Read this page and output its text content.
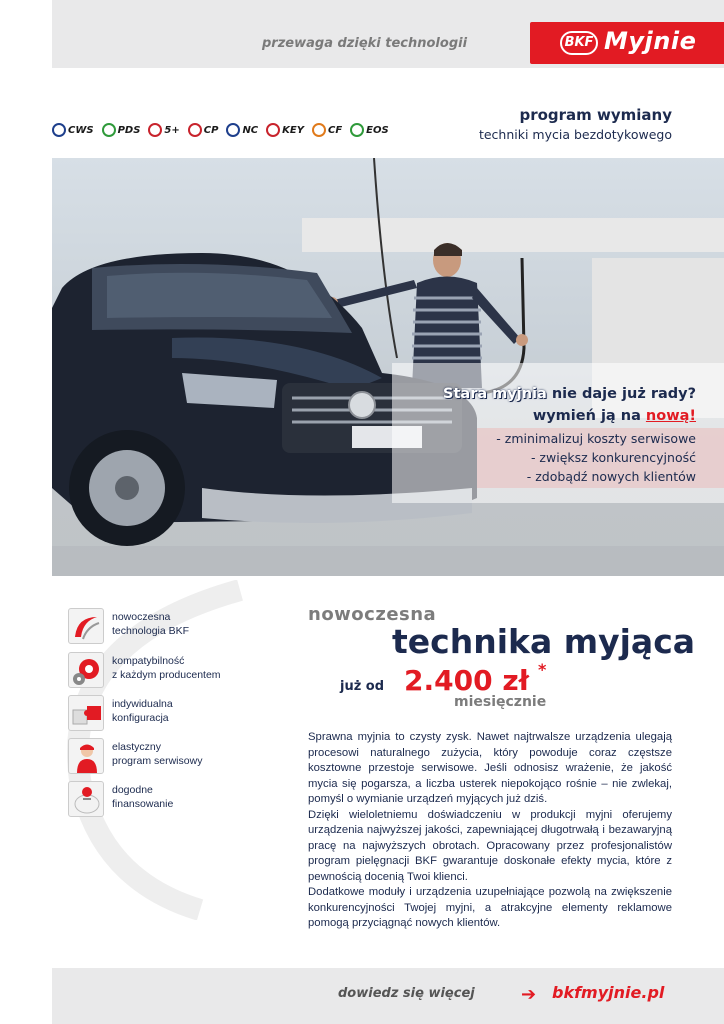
przewaga dzięki technologii	BKF Myjnie
program wymiany
techniki mycia bezdotykowego
CWS PDS 5+ CP NC KEY CF EOS
Stara myjnia nie daje już rady?
wymień ją na nową!
- zminimalizuj koszty serwisowe
- zwiększ konkurencyjność
- zdobądź nowych klientów
nowoczesna
technologia BKF
kompatybilność
z każdym producentem
indywidualna
konfiguracja
elastyczny
program serwisowy
dogodne
finansowanie
nowoczesna
technika myjąca
już od 2.400 zł *
miesięcznie

Sprawna myjnia to czysty zysk. Nawet najtrwalsze urządzenia ulegają procesowi naturalnego zużycia, który powoduje coraz częstsze kosztowne przestoje serwisowe. Jeśli odnosisz wrażenie, że jakość mycia się pogarsza, a liczba usterek niepokojąco rośnie – nie zwlekaj, pomyśl o wymianie urządzeń myjących już dziś.

Dzięki wieloletniemu doświadczeniu w produkcji myjni oferujemy urządzenia najwyższej jakości, zapewniającej długotrwałą i bezawaryjną pracę na najwyższych obrotach. Opracowany przez profesjonalistów program pielęgnacji BKF gwarantuje doskonałe efekty mycia, które z pewnością docenią Twoi klienci.

Dodatkowe moduły i urządzenia uzupełniające pozwolą na zwiększenie konkurencyjności Twojej myjni, a atrakcyjne elementy reklamowe pomogą przyciągnąć nowych klientów.

dowiedz się więcej	➔ bkfmyjnie.pl
